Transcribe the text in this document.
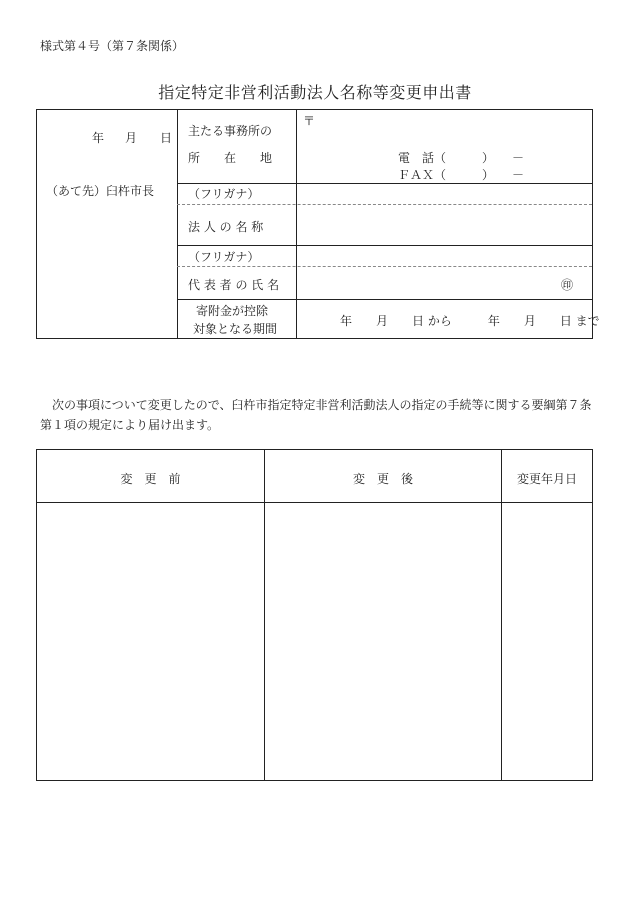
様式第４号（第７条関係）
指定特定非営利活動法人名称等変更申出書
年 月 日
（あて先）臼杵市長
主たる事務所の
所　　在　　地
（フリガナ）
法 人 の 名 称
（フリガナ）
代 表 者 の 氏 名
寄附金が控除
対象となる期間
〒
電　話（　　　）　　－
ＦＡＸ（　　　）　　－
㊞
年　　月　　日 から　　　年　　月　　日 まで
次の事項について変更したので、臼杵市指定特定非営利活動法人の指定の手続等に関する要綱第７条第１項の規定により届け出ます。
変　更　前	変　更　後	変更年月日
